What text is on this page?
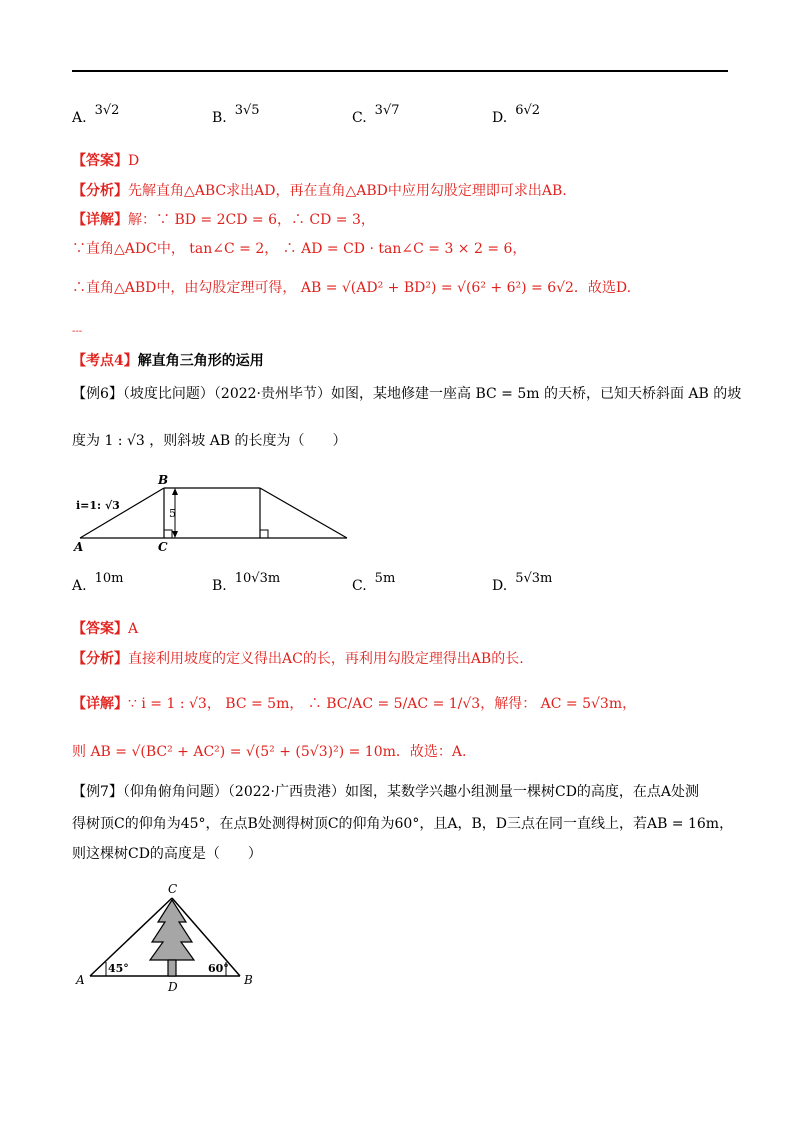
A. 3√2	B. 3√5	C. 3√7	D. 6√2
【答案】D
【分析】先解直角△ABC求出AD，再在直角△ABD中应用勾股定理即可求出AB.
【详解】解：∵ BD = 2CD = 6，∴ CD = 3，
∵直角△ADC中， tan∠C = 2， ∴ AD = CD · tan∠C = 3 × 2 = 6，
∴直角△ABD中，由勾股定理可得， AB = √(AD² + BD²) = √(6² + 6²) = 6√2．故选D.
---
【考点4】解直角三角形的运用
【例6】（坡度比问题）（2022·贵州毕节）如图，某地修建一座高 BC = 5m 的天桥，已知天桥斜面 AB 的坡
度为 1 : √3 ，则斜坡 AB 的长度为（　　）
5
i=1: √3
B
A	C
A. 10m	B. 10√3m	C. 5m	D. 5√3m
【答案】A
【分析】直接利用坡度的定义得出AC的长，再利用勾股定理得出AB的长.
【详解】∵ i = 1 : √3， BC = 5m， ∴ BC/AC = 5/AC = 1/√3，解得： AC = 5√3m，
则 AB = √(BC² + AC²) = √(5² + (5√3)²) = 10m．故选：A.
【例7】（仰角俯角问题）（2022·广西贵港）如图，某数学兴趣小组测量一棵树CD的高度，在点A处测
得树顶C的仰角为45°，在点B处测得树顶C的仰角为60°，且A，B，D三点在同一直线上，若AB = 16m，
则这棵树CD的高度是（　　）
45°	60°
C
A	B
D
